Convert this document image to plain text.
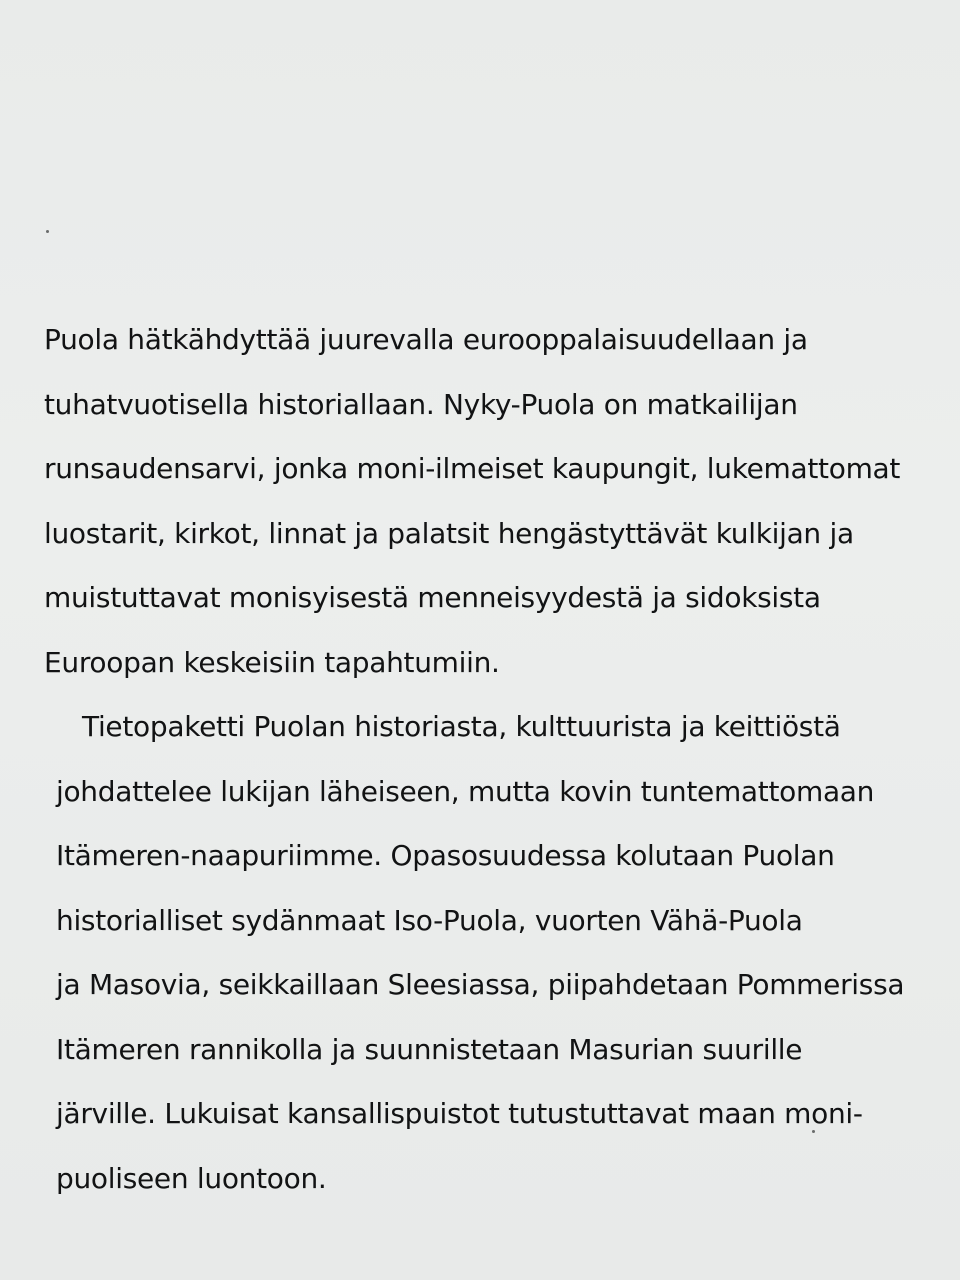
Puola hätkähdyttää juurevalla eurooppalaisuudellaan ja
tuhatvuotisella historiallaan. Nyky-Puola on matkailijan
runsaudensarvi, jonka moni-ilmeiset kaupungit, lukemattomat
luostarit, kirkot, linnat ja palatsit hengästyttävät kulkijan ja
muistuttavat monisyisestä menneisyydestä ja sidoksista
Euroopan keskeisiin tapahtumiin.
Tietopaketti Puolan historiasta, kulttuurista ja keittiöstä
johdattelee lukijan läheiseen, mutta kovin tuntemattomaan
Itämeren-naapuriimme. Opasosuudessa kolutaan Puolan
historialliset sydänmaat Iso-Puola, vuorten Vähä-Puola
ja Masovia, seikkaillaan Sleesiassa, piipahdetaan Pommerissa
Itämeren rannikolla ja suunnistetaan Masurian suurille
järville. Lukuisat kansallispuistot tutustuttavat maan moni-
puoliseen luontoon.
